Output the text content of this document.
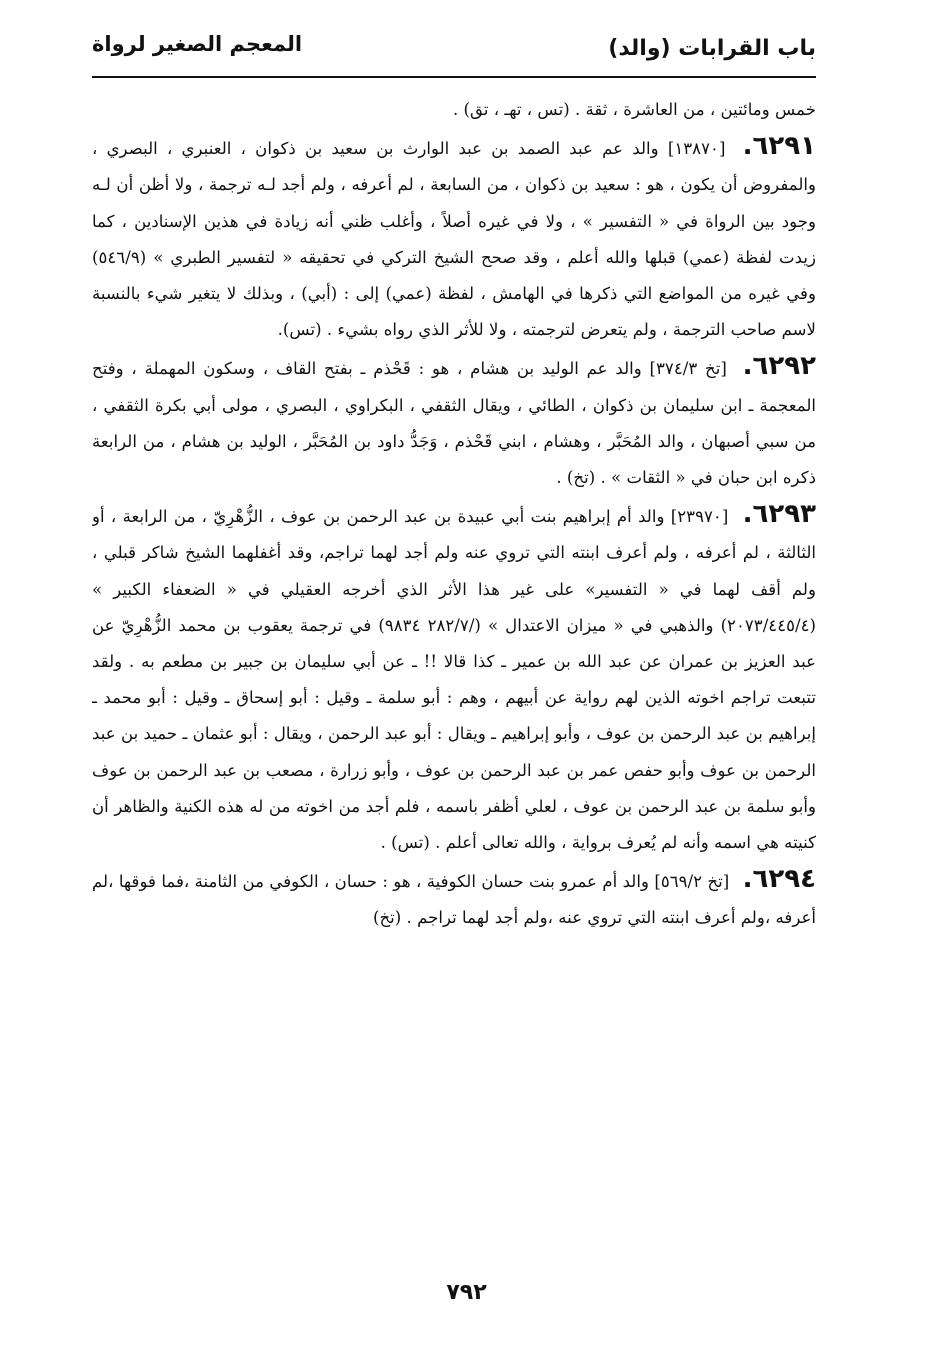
باب القرابات (والد)
المعجم الصغير لرواة

خمس ومائتين ، من العاشرة ، ثقة . (تس ، تهـ ، تق) .

٦٢٩١. [١٣٨٧٠] والد عم عبد الصمد بن عبد الوارث بن سعيد بن ذكوان ، العنبري ، البصري ، والمفروض أن يكون ، هو : سعيد بن ذكوان ، من السابعة ، لم أعرفه ، ولم أجد لـه ترجمة ، ولا أظن أن لـه وجود بين الرواة في « التفسير » ، ولا في غيره أصلاً ، وأغلب ظني أنه زيادة في هذين الإسنادين ، كما زيدت لفظة (عمي) قبلها والله أعلم ، وقد صحح الشيخ التركي في تحقيقه « لتفسير الطبري » (٥٤٦/٩) وفي غيره من المواضع التي ذكرها في الهامش ، لفظة (عمي) إلى : (أبي) ، وبذلك لا يتغير شيء بالنسبة لاسم صاحب الترجمة ، ولم يتعرض لترجمته ، ولا للأثر الذي رواه بشيء . (تس).

٦٢٩٢. [تخ ٣٧٤/٣] والد عم الوليد بن هشام ، هو : قَحْذم ـ بفتح القاف ، وسكون المهملة ، وفتح المعجمة ـ ابن سليمان بن ذكوان ، الطائي ، ويقال الثقفي ، البكراوي ، البصري ، مولى أبي بكرة الثقفي ، من سبي أصبهان ، والد المُحَبَّر ، وهشام ، ابني قَحْذم ، وَجَدُّ داود بن المُحَبَّر ، الوليد بن هشام ، من الرابعة ذكره ابن حبان في « الثقات » . (تخ) .

٦٢٩٣. [٢٣٩٧٠] والد أم إبراهيم بنت أبي عبيدة بن عبد الرحمن بن عوف ، الزُّهْرِيّ ، من الرابعة ، أو الثالثة ، لم أعرفه ، ولم أعرف ابنته التي تروي عنه ولم أجد لهما تراجم، وقد أغفلهما الشيخ شاكر قبلي ، ولم أقف لهما في « التفسير» على غير هذا الأثر الذي أخرجه العقيلي في « الضعفاء الكبير » (٢٠٧٣/٤٤٥/٤) والذهبي في « ميزان الاعتدال » (/٢٨٢/٧ ٩٨٣٤) في ترجمة يعقوب بن محمد الزُّهْرِيّ عن عبد العزيز بن عمران عن عبد الله بن عمير ـ كذا قالا !! ـ عن أبي سليمان بن جبير بن مطعم به . ولقد تتبعت تراجم اخوته الذين لهم رواية عن أبيهم ، وهم : أبو سلمة ـ وقيل : أبو إسحاق ـ وقيل : أبو محمد ـ إبراهيم بن عبد الرحمن بن عوف ، وأبو إبراهيم ـ ويقال : أبو عبد الرحمن ، ويقال : أبو عثمان ـ حميد بن عبد الرحمن بن عوف وأبو حفص عمر بن عبد الرحمن بن عوف ، وأبو زرارة ، مصعب بن عبد الرحمن بن عوف وأبو سلمة بن عبد الرحمن بن عوف ، لعلي أظفر باسمه ، فلم أجد من اخوته من له هذه الكنية والظاهر أن كنيته هي اسمه وأنه لم يُعرف برواية ، والله تعالى أعلم . (تس) .

٦٢٩٤. [تخ ٥٦٩/٢] والد أم عمرو بنت حسان الكوفية ، هو : حسان ، الكوفي من الثامنة ،فما فوقها ،لم أعرفه ،ولم أعرف ابنته التي تروي عنه ،ولم أجد لهما تراجم . (تخ)

٧٩٢
